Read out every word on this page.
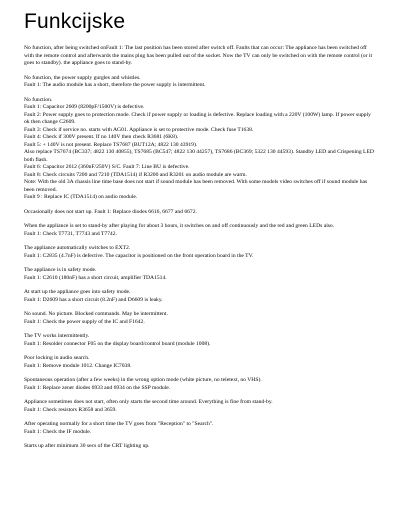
Funkcijske
No function, after being switched onFault 1: The last position has been stored after switch off. Faults that can occur: The appliance has been switched off with the remote control and afterwards the mains plug has been pulled out of the socket. Now the TV can only be switched on with the remote control (or it goes to standby). the appliance goes to stand-by.
No function, the power supply gurgles and whistles.
Fault 1: The audio module has a short, therefore the power supply is intermittent.
No function.
Fault 1: Capacitor 2609 (8200pF/1500V) is defective.
Fault 2: Power supply goes to protection mode. Check if power supply or loading is defective. Replace loading with a 220V (100W) lamp. If power supply ok then change C2609.
Fault 3: Check if service no. starts with AG01. Appliance is set to protective mode. Check fuse T1638.
Fault 4: Check if 300V present. If no 140V then check R3681 (6K8).
Fault 5: + 140V is not present. Replace TS7687 (BUT12A; 4822 130 43919).
Also replace TS7674 (BC337; 4822 130 40855), TS7685 (BC547; 4822 130 44257), TS7686 (BC369; 5322 130 44593). Standby LED and Crispening LED both flash.
Fault 6: Capacitor 2612 (360nF/250V) S/C. Fault 7: Line BU is defective.
Fault 8: Check circuits 7200 and 7210 (TDA1514) if R3200 and R3201 on audio module are warm.
Note: With the old 3A chassis line time base does not start if sound module has been removed. With some models video switches off if sound module has been removed.
Fault 9 : Replace IC (TDA1514) on audio module.
Occasionally does not start up. Fault 1: Replace diodes 6616, 6677 and 6672.
When the appliance is set to stand-by after playing for about 3 hours, it switches on and off continuously and the red and green LEDs also.
Fault 1: Check T7731, T7743 and T7742.
The appliance automatically switches to EXT2.
Fault 1: C2835 (4.7nF) is defective. The capacitor is positioned on the front operation board in the TV.
The appliance is in safety mode.
Fault 1: C2610 (180nF) has a short circuit, amplifier TDA1514.
At start up the appliance goes into safety mode.
Fault 1: D2609 has a short circuit (8.2nF) and D6609 is leaky.
No sound. No picture. Blocked commands. May be intermittent.
Fault 1: Check the power supply of the IC and F1642.
The TV works intermittently.
Fault 1: Resolder connector F05 on the display board/control board (module 1008).
Poor locking in audio search.
Fault 1: Remove module 1012. Change IC7038.
Spontaneous operation (after a few weeks) in the wrong option mode (white picture, no teletext, no VHS).
Fault 1: Replace zener diodes 6933 and 6934 on the SSP module.
Appliance sometimes does not start, often only starts the second time around. Everything is fine from stand-by.
Fault 1: Check resistors R3658 and 3659.
After operating normally for a short time the TV goes from "Reception" to "Search".
Fault 1: Check the IF module.
Starts up after minimum 30 secs of the CRT lighting up.
